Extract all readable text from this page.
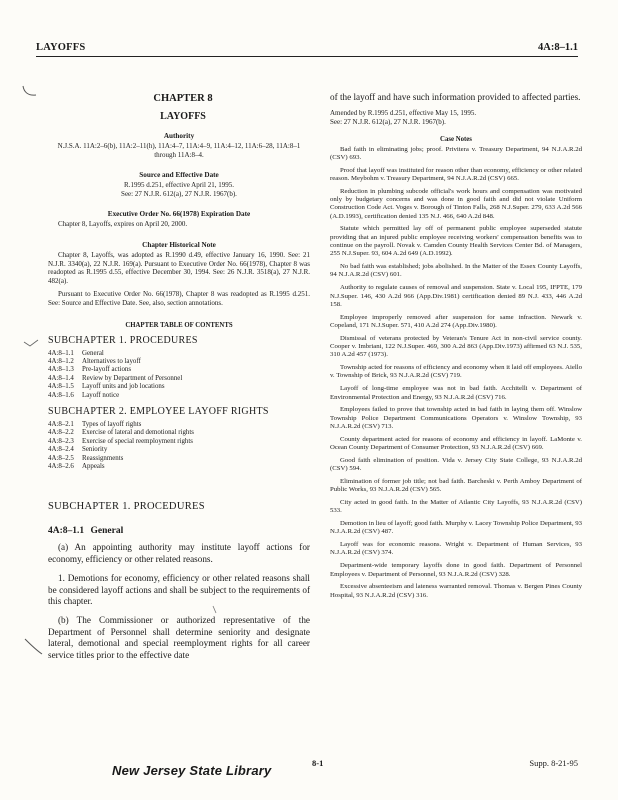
LAYOFFS	4A:8–1.1

CHAPTER 8

LAYOFFS

Authority

N.J.S.A. 11A:2–6(b), 11A:2–11(h), 11A:4–7, 11A:4–9, 11A:4–12, 11A:6–28, 11A:8–1 through 11A:8–4.

Source and Effective Date

R.1995 d.251, effective April 21, 1995.

See: 27 N.J.R. 612(a), 27 N.J.R. 1967(b).

Executive Order No. 66(1978) Expiration Date

Chapter 8, Layoffs, expires on April 20, 2000.

Chapter Historical Note

Chapter 8, Layoffs, was adopted as R.1990 d.49, effective January 16, 1990. See: 21 N.J.R. 3340(a), 22 N.J.R. 169(a). Pursuant to Executive Order No. 66(1978), Chapter 8 was readopted as R.1995 d.55, effective December 30, 1994. See: 26 N.J.R. 3518(a), 27 N.J.R. 482(a).

Pursuant to Executive Order No. 66(1978), Chapter 8 was readopted as R.1995 d.251. See: Source and Effective Date. See, also, section annotations.

CHAPTER TABLE OF CONTENTS
SUBCHAPTER 1. PROCEDURES
4A:8–1.1	General
4A:8–1.2	Alternatives to layoff
4A:8–1.3	Pre-layoff actions
4A:8–1.4	Review by Department of Personnel
4A:8–1.5	Layoff units and job locations
4A:8–1.6	Layoff notice
SUBCHAPTER 2. EMPLOYEE LAYOFF RIGHTS
4A:8–2.1	Types of layoff rights
4A:8–2.2	Exercise of lateral and demotional rights
4A:8–2.3	Exercise of special reemployment rights
4A:8–2.4	Seniority
4A:8–2.5	Reassignments
4A:8–2.6	Appeals
SUBCHAPTER 1. PROCEDURES
4A:8–1.1 General

(a) An appointing authority may institute layoff actions for economy, efficiency or other related reasons.

1. Demotions for economy, efficiency or other related reasons shall be considered layoff actions and shall be subject to the requirements of this chapter.

(b) The Commissioner or authorized representative of the Department of Personnel shall determine seniority and designate lateral, demotional and special reemployment rights for all career service titles prior to the effective date

of the layoff and have such information provided to affected parties.

Amended by R.1995 d.251, effective May 15, 1995.

See: 27 N.J.R. 612(a), 27 N.J.R. 1967(b).

Case Notes

Bad faith in eliminating jobs; proof. Privitera v. Treasury Department, 94 N.J.A.R.2d (CSV) 693.

Proof that layoff was instituted for reason other than economy, efficiency or other related reason. Meybohm v. Treasury Department, 94 N.J.A.R.2d (CSV) 665.

Reduction in plumbing subcode official's work hours and compensation was motivated only by budgetary concerns and was done in good faith and did not violate Uniform Construction Code Act. Voges v. Borough of Tinton Falls, 268 N.J.Super. 279, 633 A.2d 566 (A.D.1993), certification denied 135 N.J. 466, 640 A.2d 848.

Statute which permitted lay off of permanent public employee superseded statute providing that an injured public employee receiving workers' compensation benefits was to continue on the payroll. Novak v. Camden County Health Services Center Bd. of Managers, 255 N.J.Super. 93, 604 A.2d 649 (A.D.1992).

No bad faith was established; jobs abolished. In the Matter of the Essex County Layoffs, 94 N.J.A.R.2d (CSV) 601.

Authority to regulate causes of removal and suspension. State v. Local 195, IFPTE, 179 N.J.Super. 146, 430 A.2d 966 (App.Div.1981) certification denied 89 N.J. 433, 446 A.2d 158.

Employee improperly removed after suspension for same infraction. Newark v. Copeland, 171 N.J.Super. 571, 410 A.2d 274 (App.Div.1980).

Dismissal of veterans protected by Veteran's Tenure Act in non-civil service county. Cooper v. Imbriani, 122 N.J.Super. 469, 300 A.2d 863 (App.Div.1973) affirmed 63 N.J. 535, 310 A.2d 457 (1973).

Township acted for reasons of efficiency and economy when it laid off employees. Aiello v. Township of Brick, 93 N.J.A.R.2d (CSV) 719.

Layoff of long-time employee was not in bad faith. Acchitelli v. Department of Environmental Protection and Energy, 93 N.J.A.R.2d (CSV) 716.

Employees failed to prove that township acted in bad faith in laying them off. Winslow Township Police Department Communications Operators v. Winslow Township, 93 N.J.A.R.2d (CSV) 713.

County department acted for reasons of economy and efficiency in layoff. LaMonte v. Ocean County Department of Consumer Protection, 93 N.J.A.R.2d (CSV) 669.

Good faith elimination of position. Vida v. Jersey City State College, 93 N.J.A.R.2d (CSV) 594.

Elimination of former job title; not bad faith. Barcheski v. Perth Amboy Department of Public Works, 93 N.J.A.R.2d (CSV) 565.

City acted in good faith. In the Matter of Atlantic City Layoffs, 93 N.J.A.R.2d (CSV) 533.

Demotion in lieu of layoff; good faith. Murphy v. Lacey Township Police Department, 93 N.J.A.R.2d (CSV) 487.

Layoff was for economic reasons. Wright v. Department of Human Services, 93 N.J.A.R.2d (CSV) 374.

Department-wide temporary layoffs done in good faith. Department of Personnel Employees v. Department of Personnel, 93 N.J.A.R.2d (CSV) 328.

Excessive absenteeism and lateness warranted removal. Thomas v. Bergen Pines County Hospital, 93 N.J.A.R.2d (CSV) 316.

New Jersey State Library	8-1	Supp. 8-21-95
